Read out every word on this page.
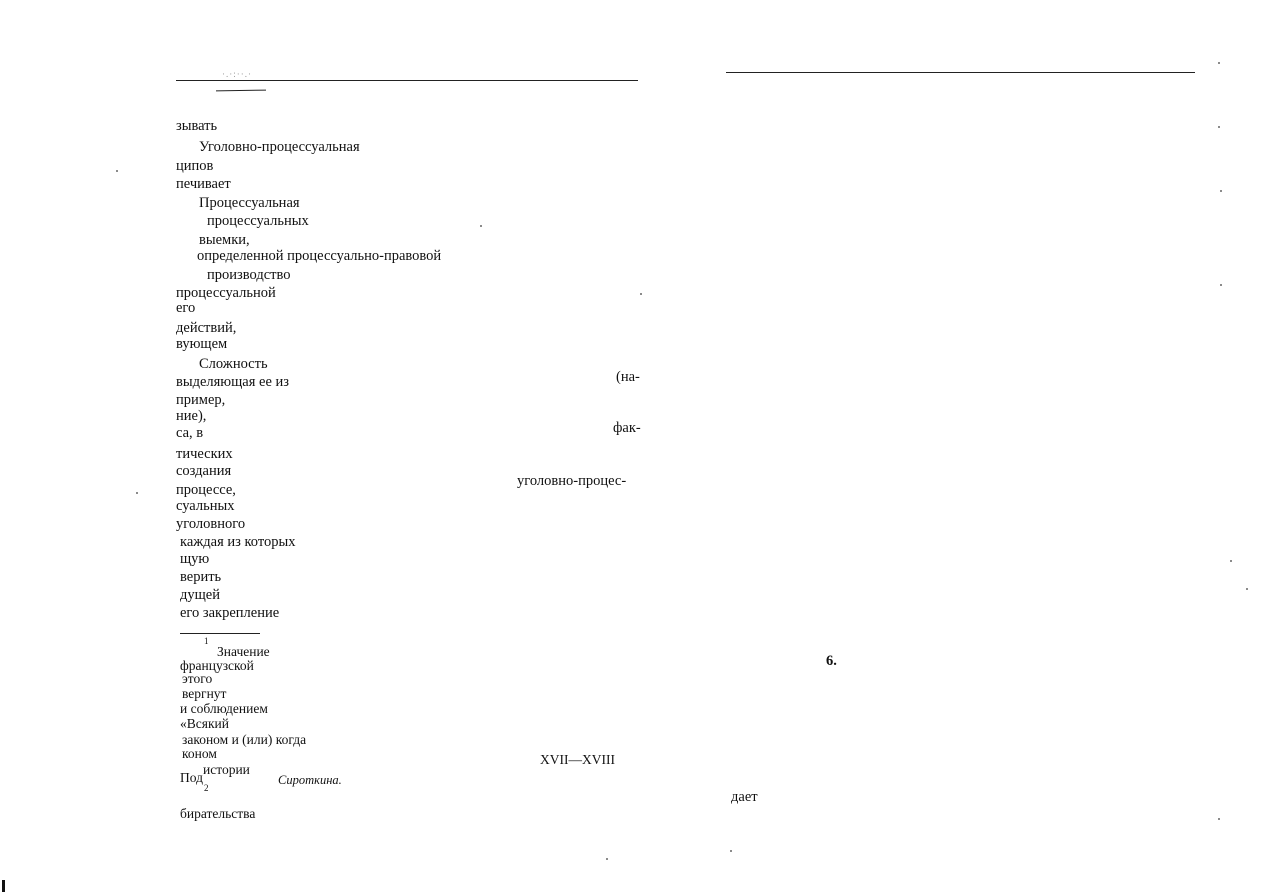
·.·:··.·
зывать
Уголовно-процессуальная
ципов
печивает
Процессуальная
процессуальных
выемки,
определенной процессуально-правовой
производство
процессуальной
его
действий,
вующем
Сложность
выделяющая ее из
пример,
ние),
са, в
тических
создания
процессе,
суальных
уголовного
каждая из которых
щую
верить
дущей
его закрепление
(на-
фак-
уголовно-процес-
1
Значение
французской
этого
вергнут
и соблюдением
«Всякий
законом и (или) когда
коном
истории
Под
2
Сироткина.
XVII—XVIII
бирательства
6.
дает
